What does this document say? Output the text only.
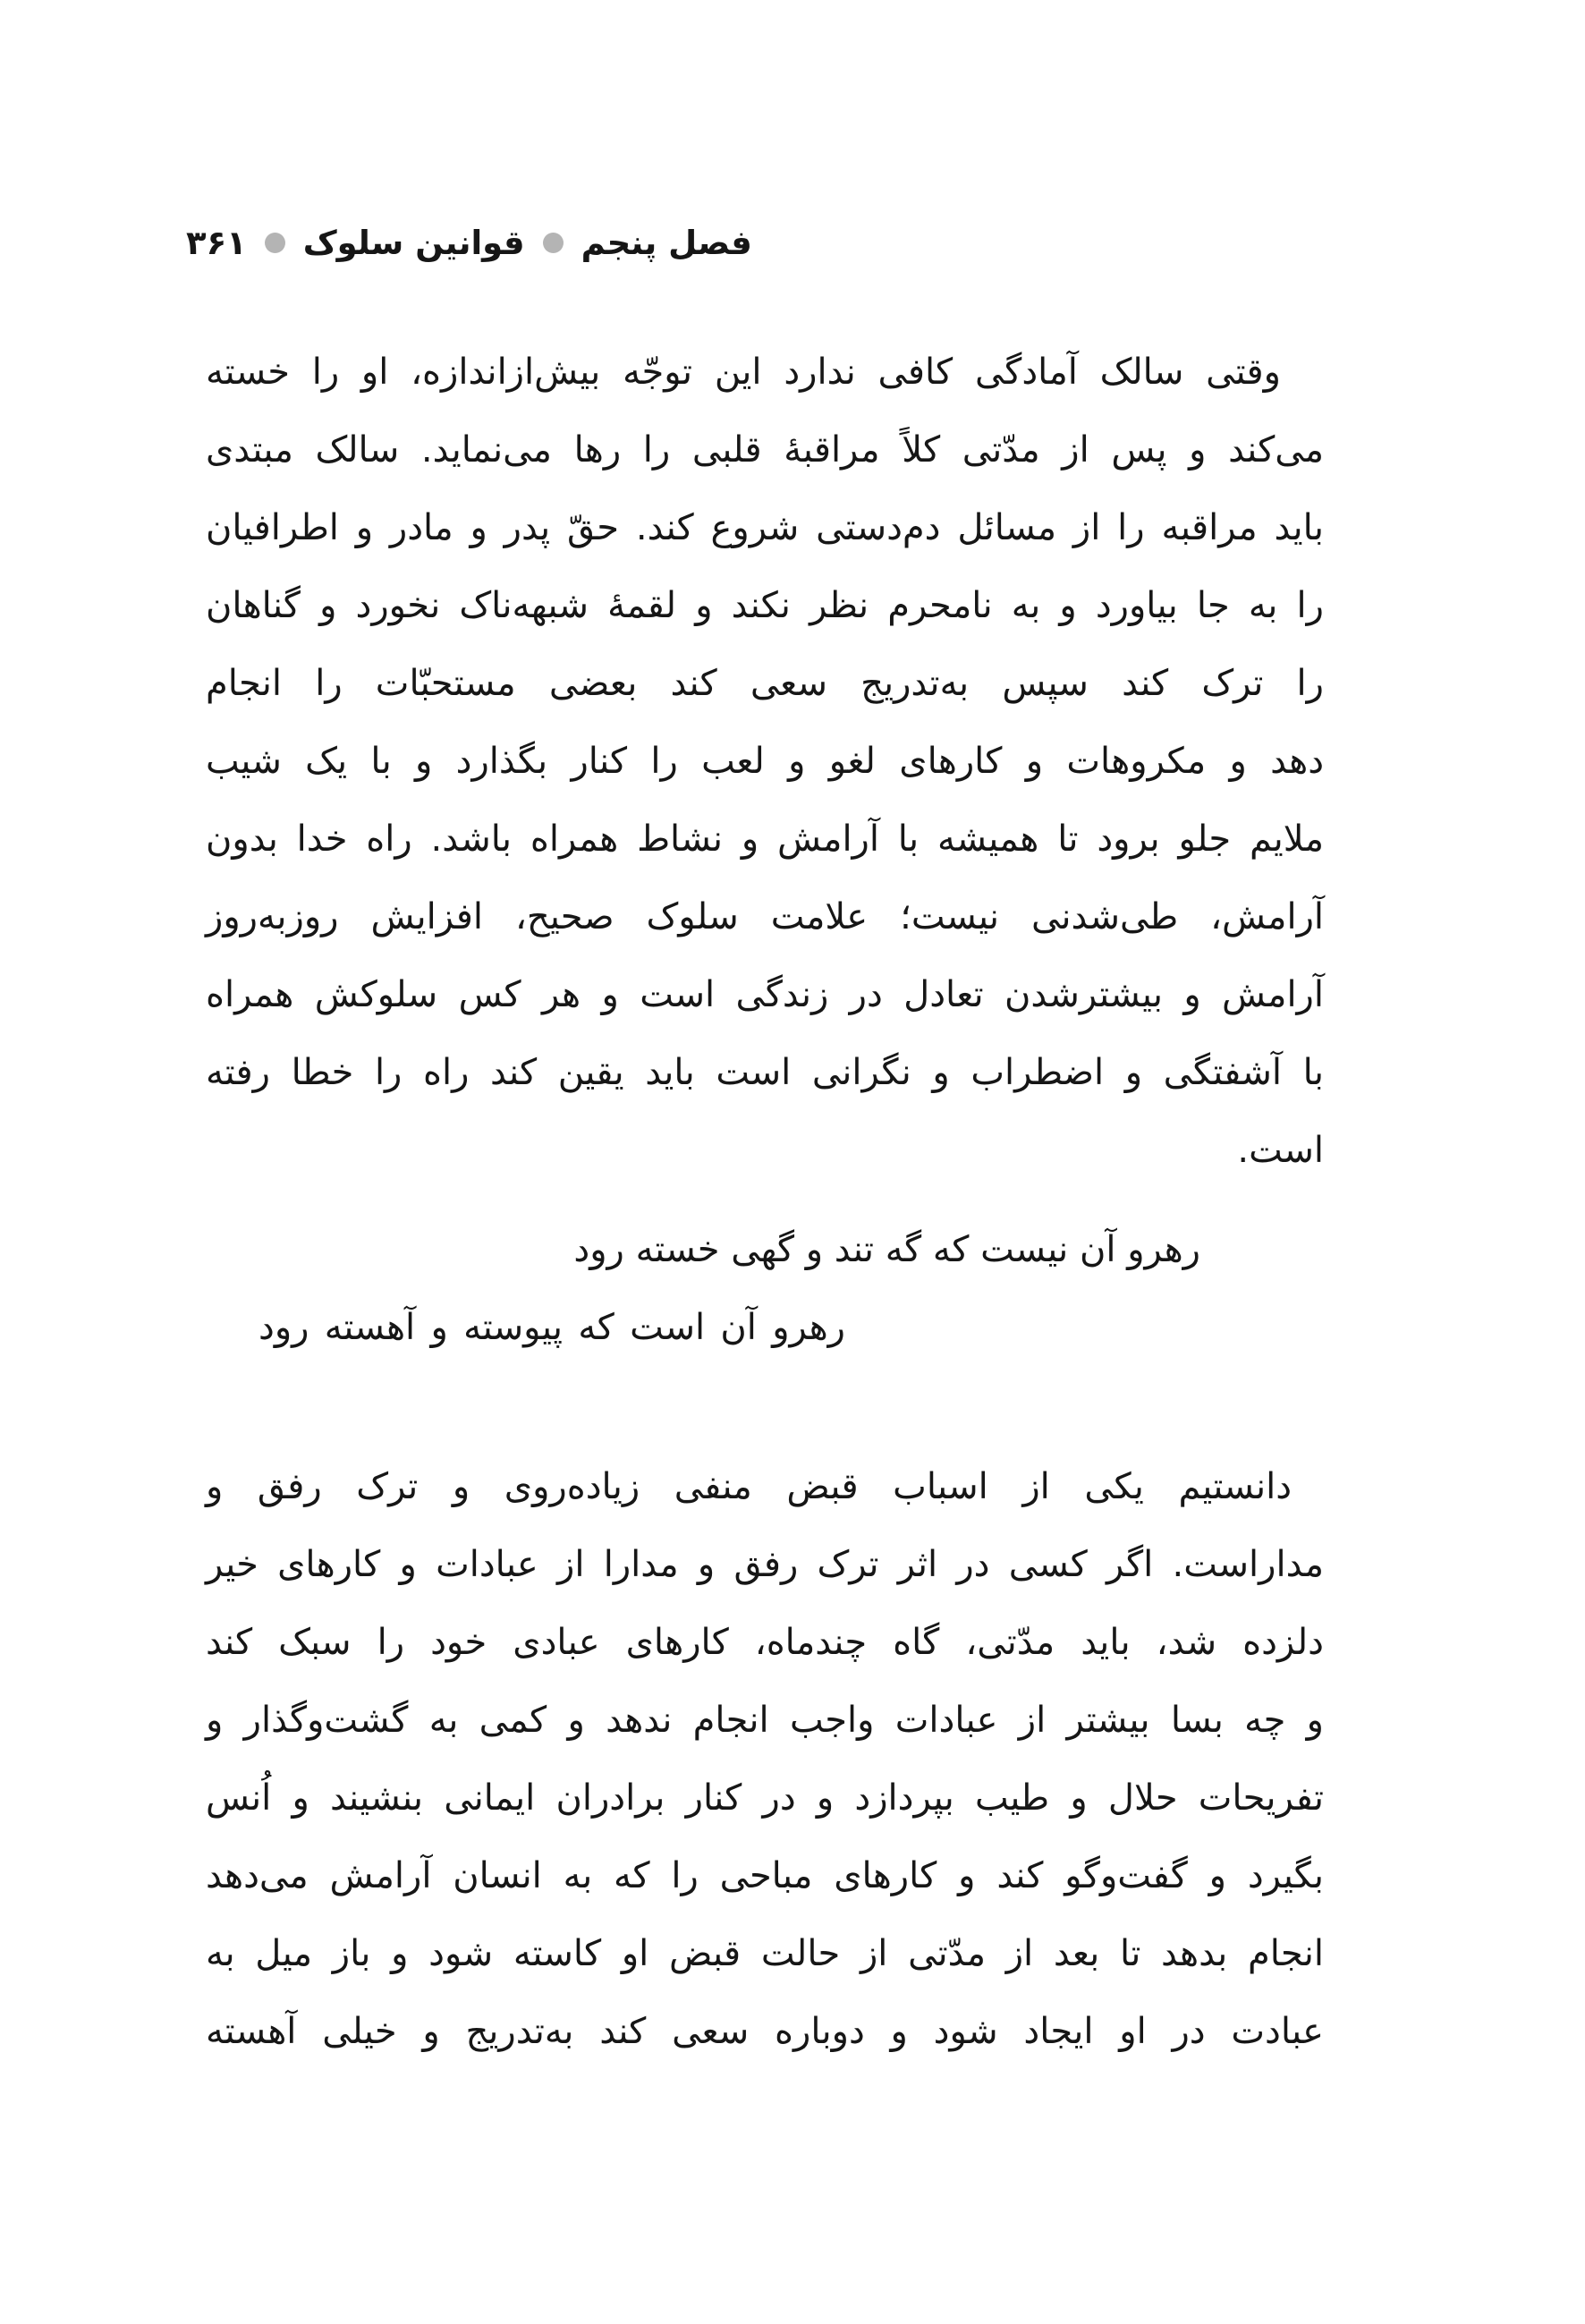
فصل پنجم
قوانین سلوک
۳۶۱
وقتی سالک آمادگی کافی ندارد این توجّه بیش‌ازاندازه، او را خسته
می‌کند و پس از مدّتی کلاً مراقبهٔ قلبی را رها می‌نماید. سالک مبتدی
باید مراقبه را از مسائل دم‌دستی شروع کند. حقّ پدر و مادر و اطرافیان
را به جا بیاورد و به نامحرم نظر نکند و لقمهٔ شبهه‌ناک نخورد و گناهان
را ترک کند سپس به‌تدریج سعی کند بعضی مستحبّات را انجام
دهد و مکروهات و کارهای لغو و لعب را کنار بگذارد و با یک شیب
ملایم جلو برود تا همیشه با آرامش و نشاط همراه باشد. راه خدا بدون
آرامش، طی‌شدنی نیست؛ علامت سلوک صحیح، افزایش روزبه‌روز
آرامش و بیشترشدن تعادل در زندگی است و هر کس سلوکش همراه
با آشفتگی و اضطراب و نگرانی است باید یقین کند راه را خطا رفته
است.
رهرو آن نیست که گه تند و گهی خسته رود
رهرو آن است که پیوسته و آهسته رود
دانستیم یکی از اسباب قبض منفی زیاده‌روی و ترک رفق و
مداراست. اگر کسی در اثر ترک رفق و مدارا از عبادات و کارهای خیر
دلزده شد، باید مدّتی، گاه چندماه، کارهای عبادی خود را سبک کند
و چه بسا بیشتر از عبادات واجب انجام ندهد و کمی به گشت‌وگذار و
تفریحات حلال و طیب بپردازد و در کنار برادران ایمانی بنشیند و اُنس
بگیرد و گفت‌وگو کند و کارهای مباحی را که به انسان آرامش می‌دهد
انجام بدهد تا بعد از مدّتی از حالت قبض او کاسته شود و باز میل به
عبادت در او ایجاد شود و دوباره سعی کند به‌تدریج و خیلی آهسته
